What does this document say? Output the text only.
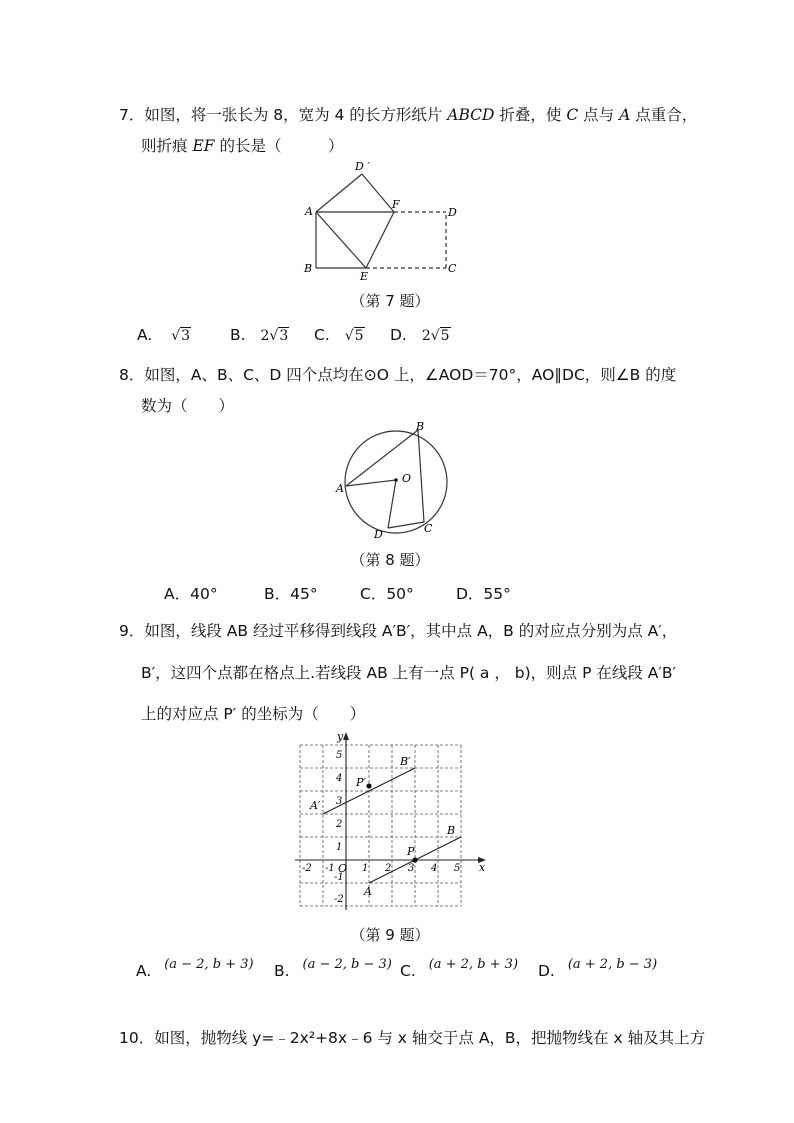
7．如图，将一张长为 8，宽为 4 的长方形纸片 ABCD 折叠，使 C 点与 A 点重合，
则折痕 EF 的长是（　　　）
D ′
A
F
D
B
E
C
（第 7 题）
A. √3	B. 2√3 C. √5 D. 2√5
8．如图，A、B、C、D 四个点均在⊙O 上，∠AOD＝70°，AO∥DC，则∠B 的度
数为（　　）
B
O
A
C
D
（第 8 题）
A．40°	B．45°	C．50°	D．55°
9．如图，线段 AB 经过平移得到线段 A′B′，其中点 A，B 的对应点分别为点 A′，
B′，这四个点都在格点上.若线段 AB 上有一点 P( a ， b)，则点 P 在线段 A′B′
上的对应点 P′ 的坐标为（　　）
x
y
O
B
B′
A′
A
P
P′
-2 -1	1 2 3 4 5
-2
-1
1
2
3
4
5
（第 9 题）
A. $^{(a - 2, b + 3)}$ B. $^{(a - 2, b - 3)}$ C. $^{(a + 2, b + 3)}$ D. $^{(a + 2, b - 3)}$
10．如图，抛物线 y=﹣2x²+8x﹣6 与 x 轴交于点 A，B，把抛物线在 x 轴及其上方
